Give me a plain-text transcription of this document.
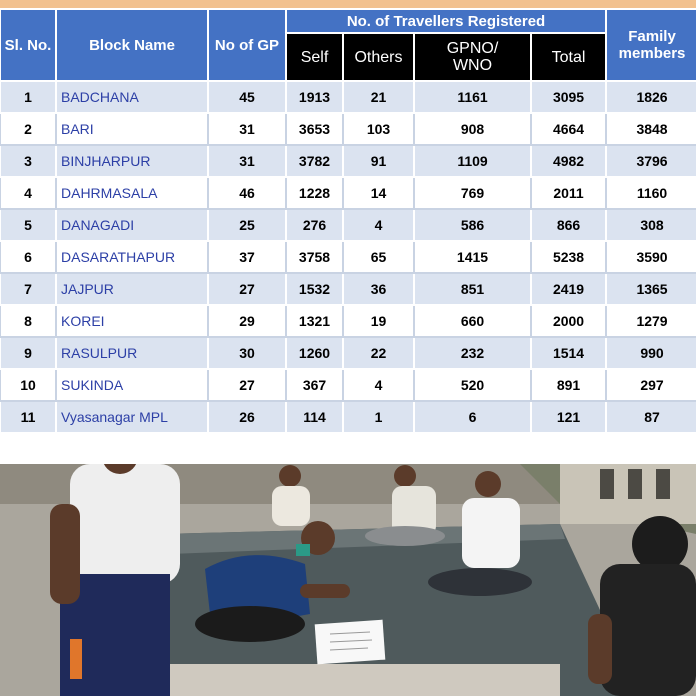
Sl. No.	Block Name	No of GP	No. of Travellers Registered				Family members
			Self	Others	GPNO/ WNO	Total	
1	BADCHANA	45	1913	21	1161	3095	1826
2	BARI	31	3653	103	908	4664	3848
3	BINJHARPUR	31	3782	91	1109	4982	3796
4	DAHRMASALA	46	1228	14	769	2011	1160
5	DANAGADI	25	276	4	586	866	308
6	DASARATHAPUR	37	3758	65	1415	5238	3590
7	JAJPUR	27	1532	36	851	2419	1365
8	KOREI	29	1321	19	660	2000	1279
9	RASULPUR	30	1260	22	232	1514	990
10	SUKINDA	27	367	4	520	891	297
11	Vyasanagar MPL	26	114	1	6	121	87
